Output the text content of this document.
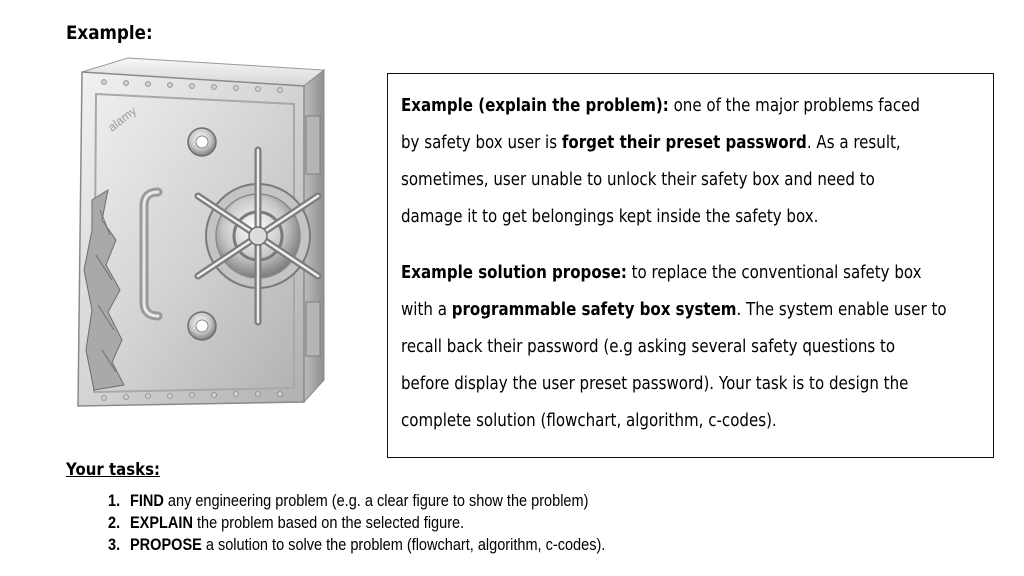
Example:
alamy	Example (explain the problem): one of the major problems faced
by safety box user is forget their preset password. As a result,
sometimes, user unable to unlock their safety box and need to
damage it to get belongings kept inside the safety box.

Example solution propose: to replace the conventional safety box
with a programmable safety box system. The system enable user to
recall back their password (e.g asking several safety questions to
before display the user preset password). Your task is to design the
complete solution (flowchart, algorithm, c-codes).

Your tasks:
1. FIND any engineering problem (e.g. a clear figure to show the problem)
2. EXPLAIN the problem based on the selected figure.
3. PROPOSE a solution to solve the problem (flowchart, algorithm, c-codes).
